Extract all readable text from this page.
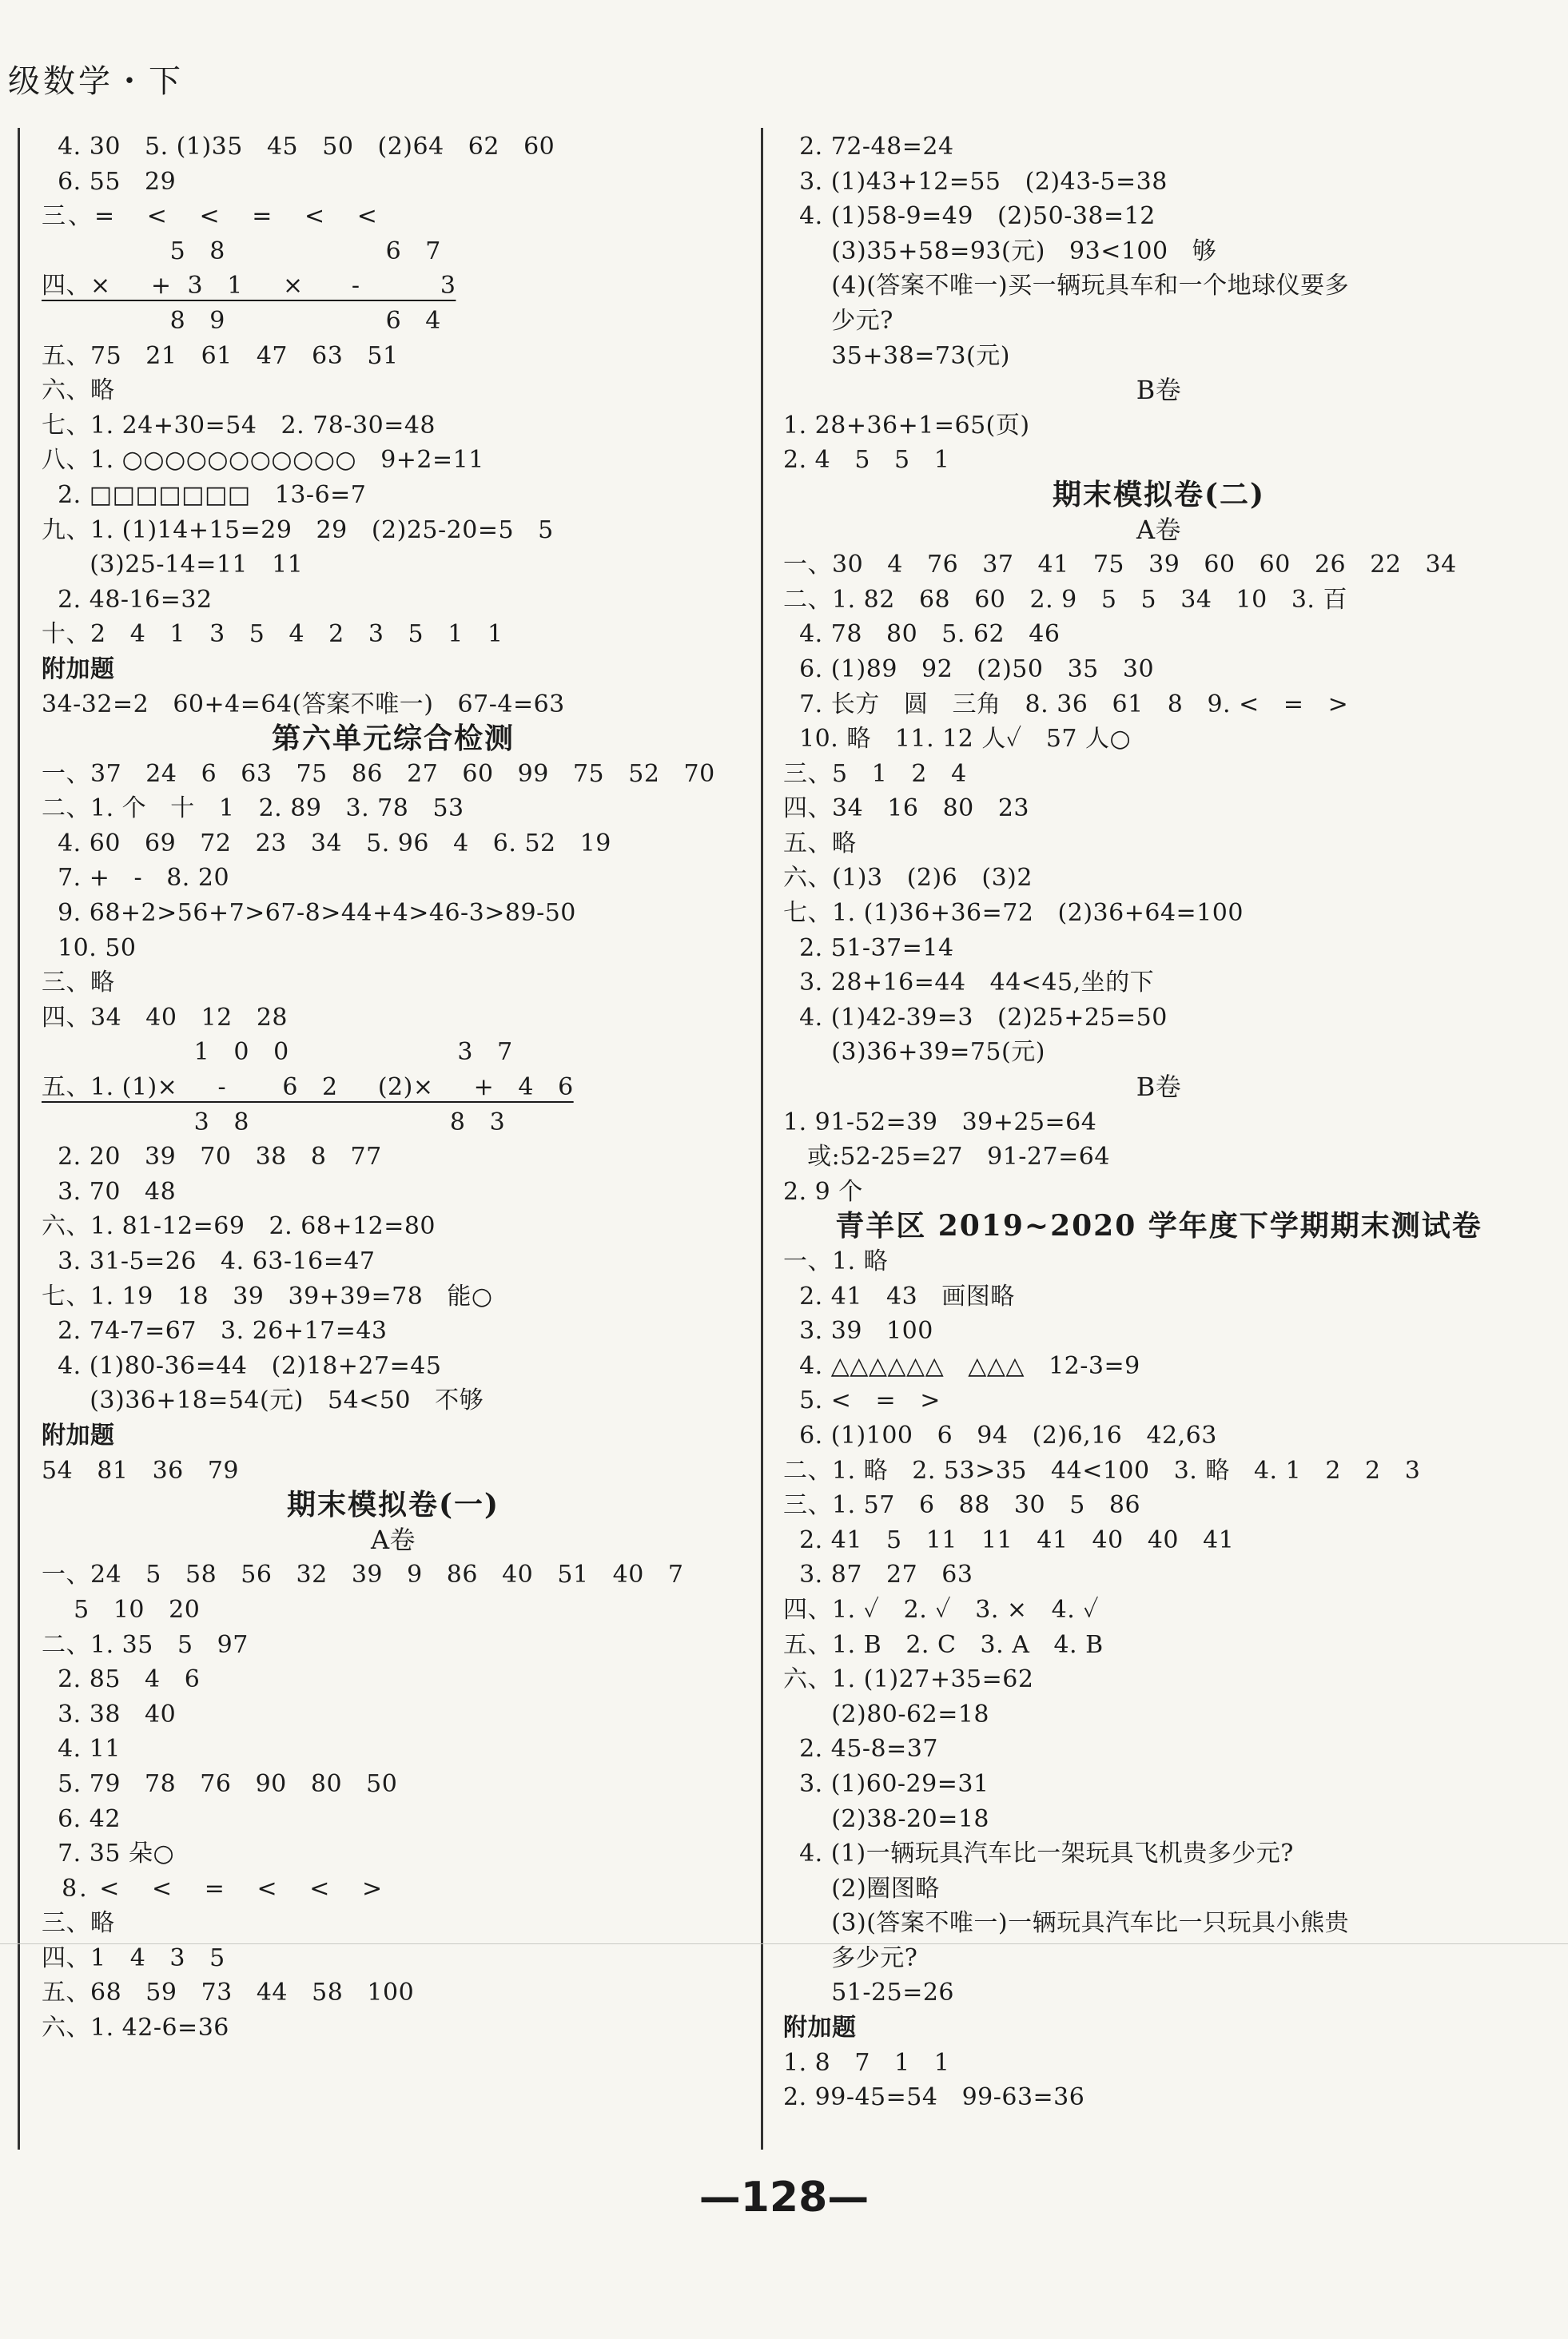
级数学・下
4. 30   5. (1)35   45   50   (2)64   62   60
6. 55   29
三、=   <   <   =   <   <
5   8                    6   7
四、×     +  3   1     ×      -          3
8   9                    6   4
五、75   21   61   47   63   51
六、略
七、1. 24+30=54   2. 78-30=48
八、1. ○○○○○○○○○○○   9+2=11
2. □□□□□□□   13-6=7
九、1. (1)14+15=29   29   (2)25-20=5   5
(3)25-14=11   11
2. 48-16=32
十、2   4   1   3   5   4   2   3   5   1   1
附加题
34-32=2   60+4=64(答案不唯一)   67-4=63
第六单元综合检测
一、37   24   6   63   75   86   27   60   99   75   52   70
二、1. 个   十   1   2. 89   3. 78   53
4. 60   69   72   23   34   5. 96   4   6. 52   19
7. +   -   8. 20
9. 68+2>56+7>67-8>44+4>46-3>89-50
10. 50
三、略
四、34   40   12   28
1   0   0                     3   7
五、1. (1)×     -       6   2     (2)×     +   4   6
3   8                         8   3
2. 20   39   70   38   8   77
3. 70   48
六、1. 81-12=69   2. 68+12=80
3. 31-5=26   4. 63-16=47
七、1. 19   18   39   39+39=78   能○
2. 74-7=67   3. 26+17=43
4. (1)80-36=44   (2)18+27=45
(3)36+18=54(元)   54<50   不够
附加题
54   81   36   79
期末模拟卷(一)
A卷
一、24   5   58   56   32   39   9   86   40   51   40   7
5   10   20
二、1. 35   5   97
2. 85   4   6
3. 38   40
4. 11
5. 79   78   76   90   80   50
6. 42
7. 35 朵○
8. <   <   =   <   <   >
三、略
四、1   4   3   5
五、68   59   73   44   58   100
六、1. 42-6=36
2. 72-48=24
3. (1)43+12=55   (2)43-5=38
4. (1)58-9=49   (2)50-38=12
(3)35+58=93(元)   93<100   够
(4)(答案不唯一)买一辆玩具车和一个地球仪要多
少元?
35+38=73(元)
B卷
1. 28+36+1=65(页)
2. 4   5   5   1
期末模拟卷(二)
A卷
一、30   4   76   37   41   75   39   60   60   26   22   34
二、1. 82   68   60   2. 9   5   5   34   10   3. 百
4. 78   80   5. 62   46
6. (1)89   92   (2)50   35   30
7. 长方   圆   三角   8. 36   61   8   9. <   =   >
10. 略   11. 12 人✓   57 人○
三、5   1   2   4
四、34   16   80   23
五、略
六、(1)3   (2)6   (3)2
七、1. (1)36+36=72   (2)36+64=100
2. 51-37=14
3. 28+16=44   44<45,坐的下
4. (1)42-39=3   (2)25+25=50
(3)36+39=75(元)
B卷
1. 91-52=39   39+25=64
或:52-25=27   91-27=64
2. 9 个
青羊区 2019~2020 学年度下学期期末测试卷
一、1. 略
2. 41   43   画图略
3. 39   100
4. △△△△△△   △△△   12-3=9
5. <   =   >
6. (1)100   6   94   (2)6,16   42,63
二、1. 略   2. 53>35   44<100   3. 略   4. 1   2   2   3
三、1. 57   6   88   30   5   86
2. 41   5   11   11   41   40   40   41
3. 87   27   63
四、1. ✓   2. ✓   3. ×   4. ✓
五、1. B   2. C   3. A   4. B
六、1. (1)27+35=62
(2)80-62=18
2. 45-8=37
3. (1)60-29=31
(2)38-20=18
4. (1)一辆玩具汽车比一架玩具飞机贵多少元?
(2)圈图略
(3)(答案不唯一)一辆玩具汽车比一只玩具小熊贵
多少元?
51-25=26
附加题
1. 8   7   1   1
2. 99-45=54   99-63=36
—128—
